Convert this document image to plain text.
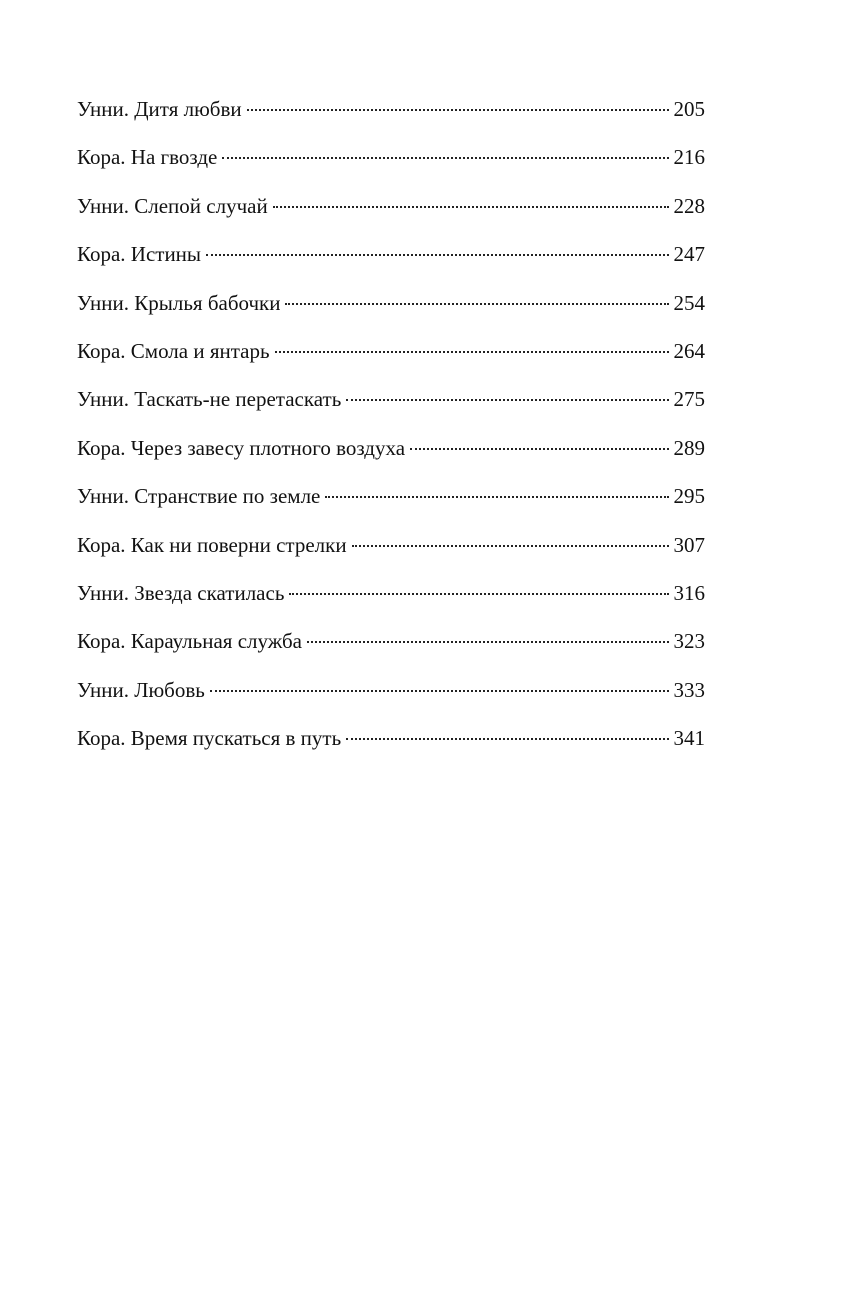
Унни. Дитя любви	205
Кора. На гвозде	216
Унни. Слепой случай	228
Кора. Истины	247
Унни. Крылья бабочки	254
Кора. Смола и янтарь	264
Унни. Таскать-не перетаскать	275
Кора. Через завесу плотного воздуха	289
Унни. Странствие по земле	295
Кора. Как ни поверни стрелки	307
Унни. Звезда скатилась	316
Кора. Караульная служба	323
Унни. Любовь	333
Кора. Время пускаться в путь	341
